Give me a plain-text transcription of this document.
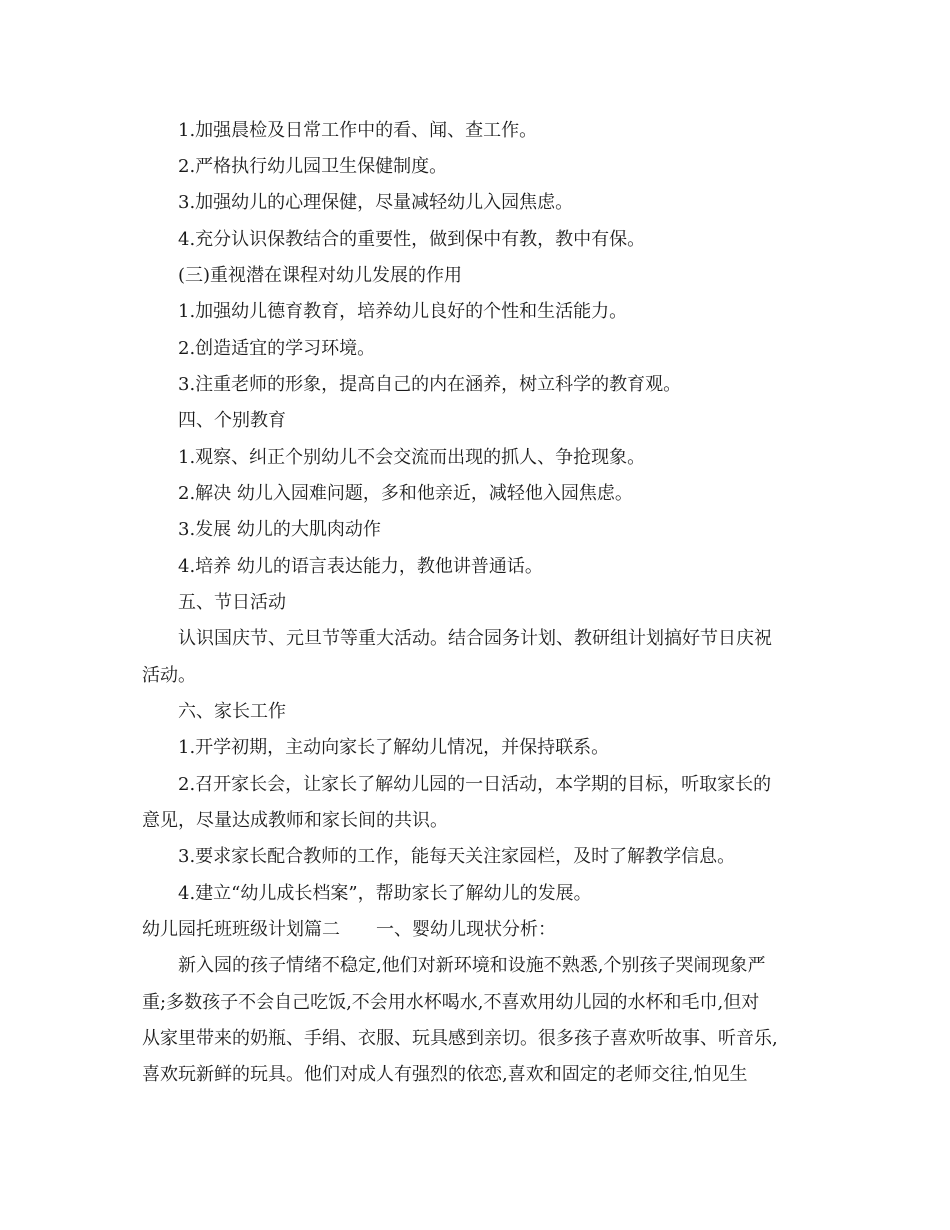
1.加强晨检及日常工作中的看、闻、查工作。
2.严格执行幼儿园卫生保健制度。
3.加强幼儿的心理保健，尽量减轻幼儿入园焦虑。
4.充分认识保教结合的重要性，做到保中有教，教中有保。
(三)重视潜在课程对幼儿发展的作用
1.加强幼儿德育教育，培养幼儿良好的个性和生活能力。
2.创造适宜的学习环境。
3.注重老师的形象，提高自己的内在涵养，树立科学的教育观。
四、个别教育
1.观察、纠正个别幼儿不会交流而出现的抓人、争抢现象。
2.解决 幼儿入园难问题，多和他亲近，减轻他入园焦虑。
3.发展 幼儿的大肌肉动作
4.培养 幼儿的语言表达能力，教他讲普通话。
五、节日活动
认识国庆节、元旦节等重大活动。结合园务计划、教研组计划搞好节日庆祝
活动。
六、家长工作
1.开学初期，主动向家长了解幼儿情况，并保持联系。
2.召开家长会，让家长了解幼儿园的一日活动，本学期的目标，听取家长的
意见，尽量达成教师和家长间的共识。
3.要求家长配合教师的工作，能每天关注家园栏，及时了解教学信息。
4.建立“幼儿成长档案”，帮助家长了解幼儿的发展。
幼儿园托班班级计划篇二 一、婴幼儿现状分析：
新入园的孩子情绪不稳定,他们对新环境和设施不熟悉,个别孩子哭闹现象严
重;多数孩子不会自己吃饭,不会用水杯喝水,不喜欢用幼儿园的水杯和毛巾,但对
从家里带来的奶瓶、手绢、衣服、玩具感到亲切。很多孩子喜欢听故事、听音乐,
喜欢玩新鲜的玩具。他们对成人有强烈的依恋,喜欢和固定的老师交往,怕见生
